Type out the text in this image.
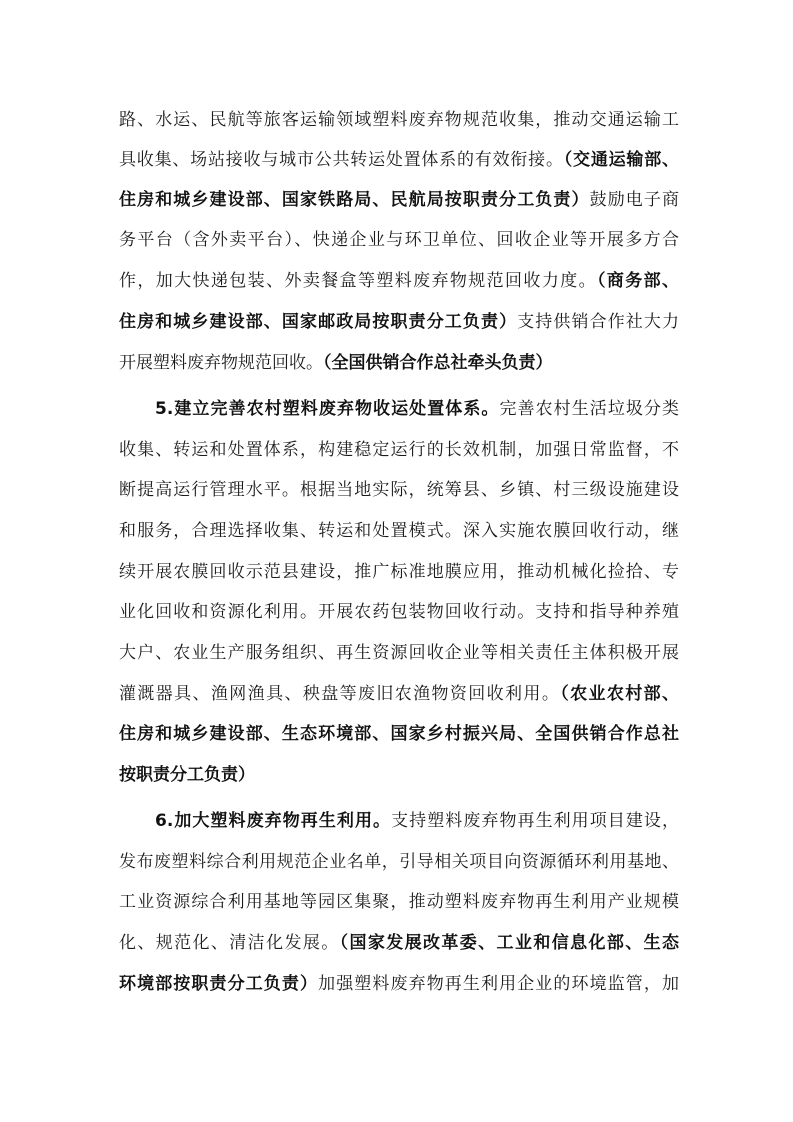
路、水运、民航等旅客运输领域塑料废弃物规范收集，推动交通运输工
具收集、场站接收与城市公共转运处置体系的有效衔接。（交通运输部、
住房和城乡建设部、国家铁路局、民航局按职责分工负责）鼓励电子商
务平台（含外卖平台）、快递企业与环卫单位、回收企业等开展多方合
作，加大快递包装、外卖餐盒等塑料废弃物规范回收力度。（商务部、
住房和城乡建设部、国家邮政局按职责分工负责）支持供销合作社大力
开展塑料废弃物规范回收。（全国供销合作总社牵头负责）
5.建立完善农村塑料废弃物收运处置体系。完善农村生活垃圾分类
收集、转运和处置体系，构建稳定运行的长效机制，加强日常监督，不
断提高运行管理水平。根据当地实际，统筹县、乡镇、村三级设施建设
和服务，合理选择收集、转运和处置模式。深入实施农膜回收行动，继
续开展农膜回收示范县建设，推广标准地膜应用，推动机械化捡拾、专
业化回收和资源化利用。开展农药包装物回收行动。支持和指导种养殖
大户、农业生产服务组织、再生资源回收企业等相关责任主体积极开展
灌溉器具、渔网渔具、秧盘等废旧农渔物资回收利用。（农业农村部、
住房和城乡建设部、生态环境部、国家乡村振兴局、全国供销合作总社
按职责分工负责）
6.加大塑料废弃物再生利用。支持塑料废弃物再生利用项目建设，
发布废塑料综合利用规范企业名单，引导相关项目向资源循环利用基地、
工业资源综合利用基地等园区集聚，推动塑料废弃物再生利用产业规模
化、规范化、清洁化发展。（国家发展改革委、工业和信息化部、生态
环境部按职责分工负责）加强塑料废弃物再生利用企业的环境监管，加
